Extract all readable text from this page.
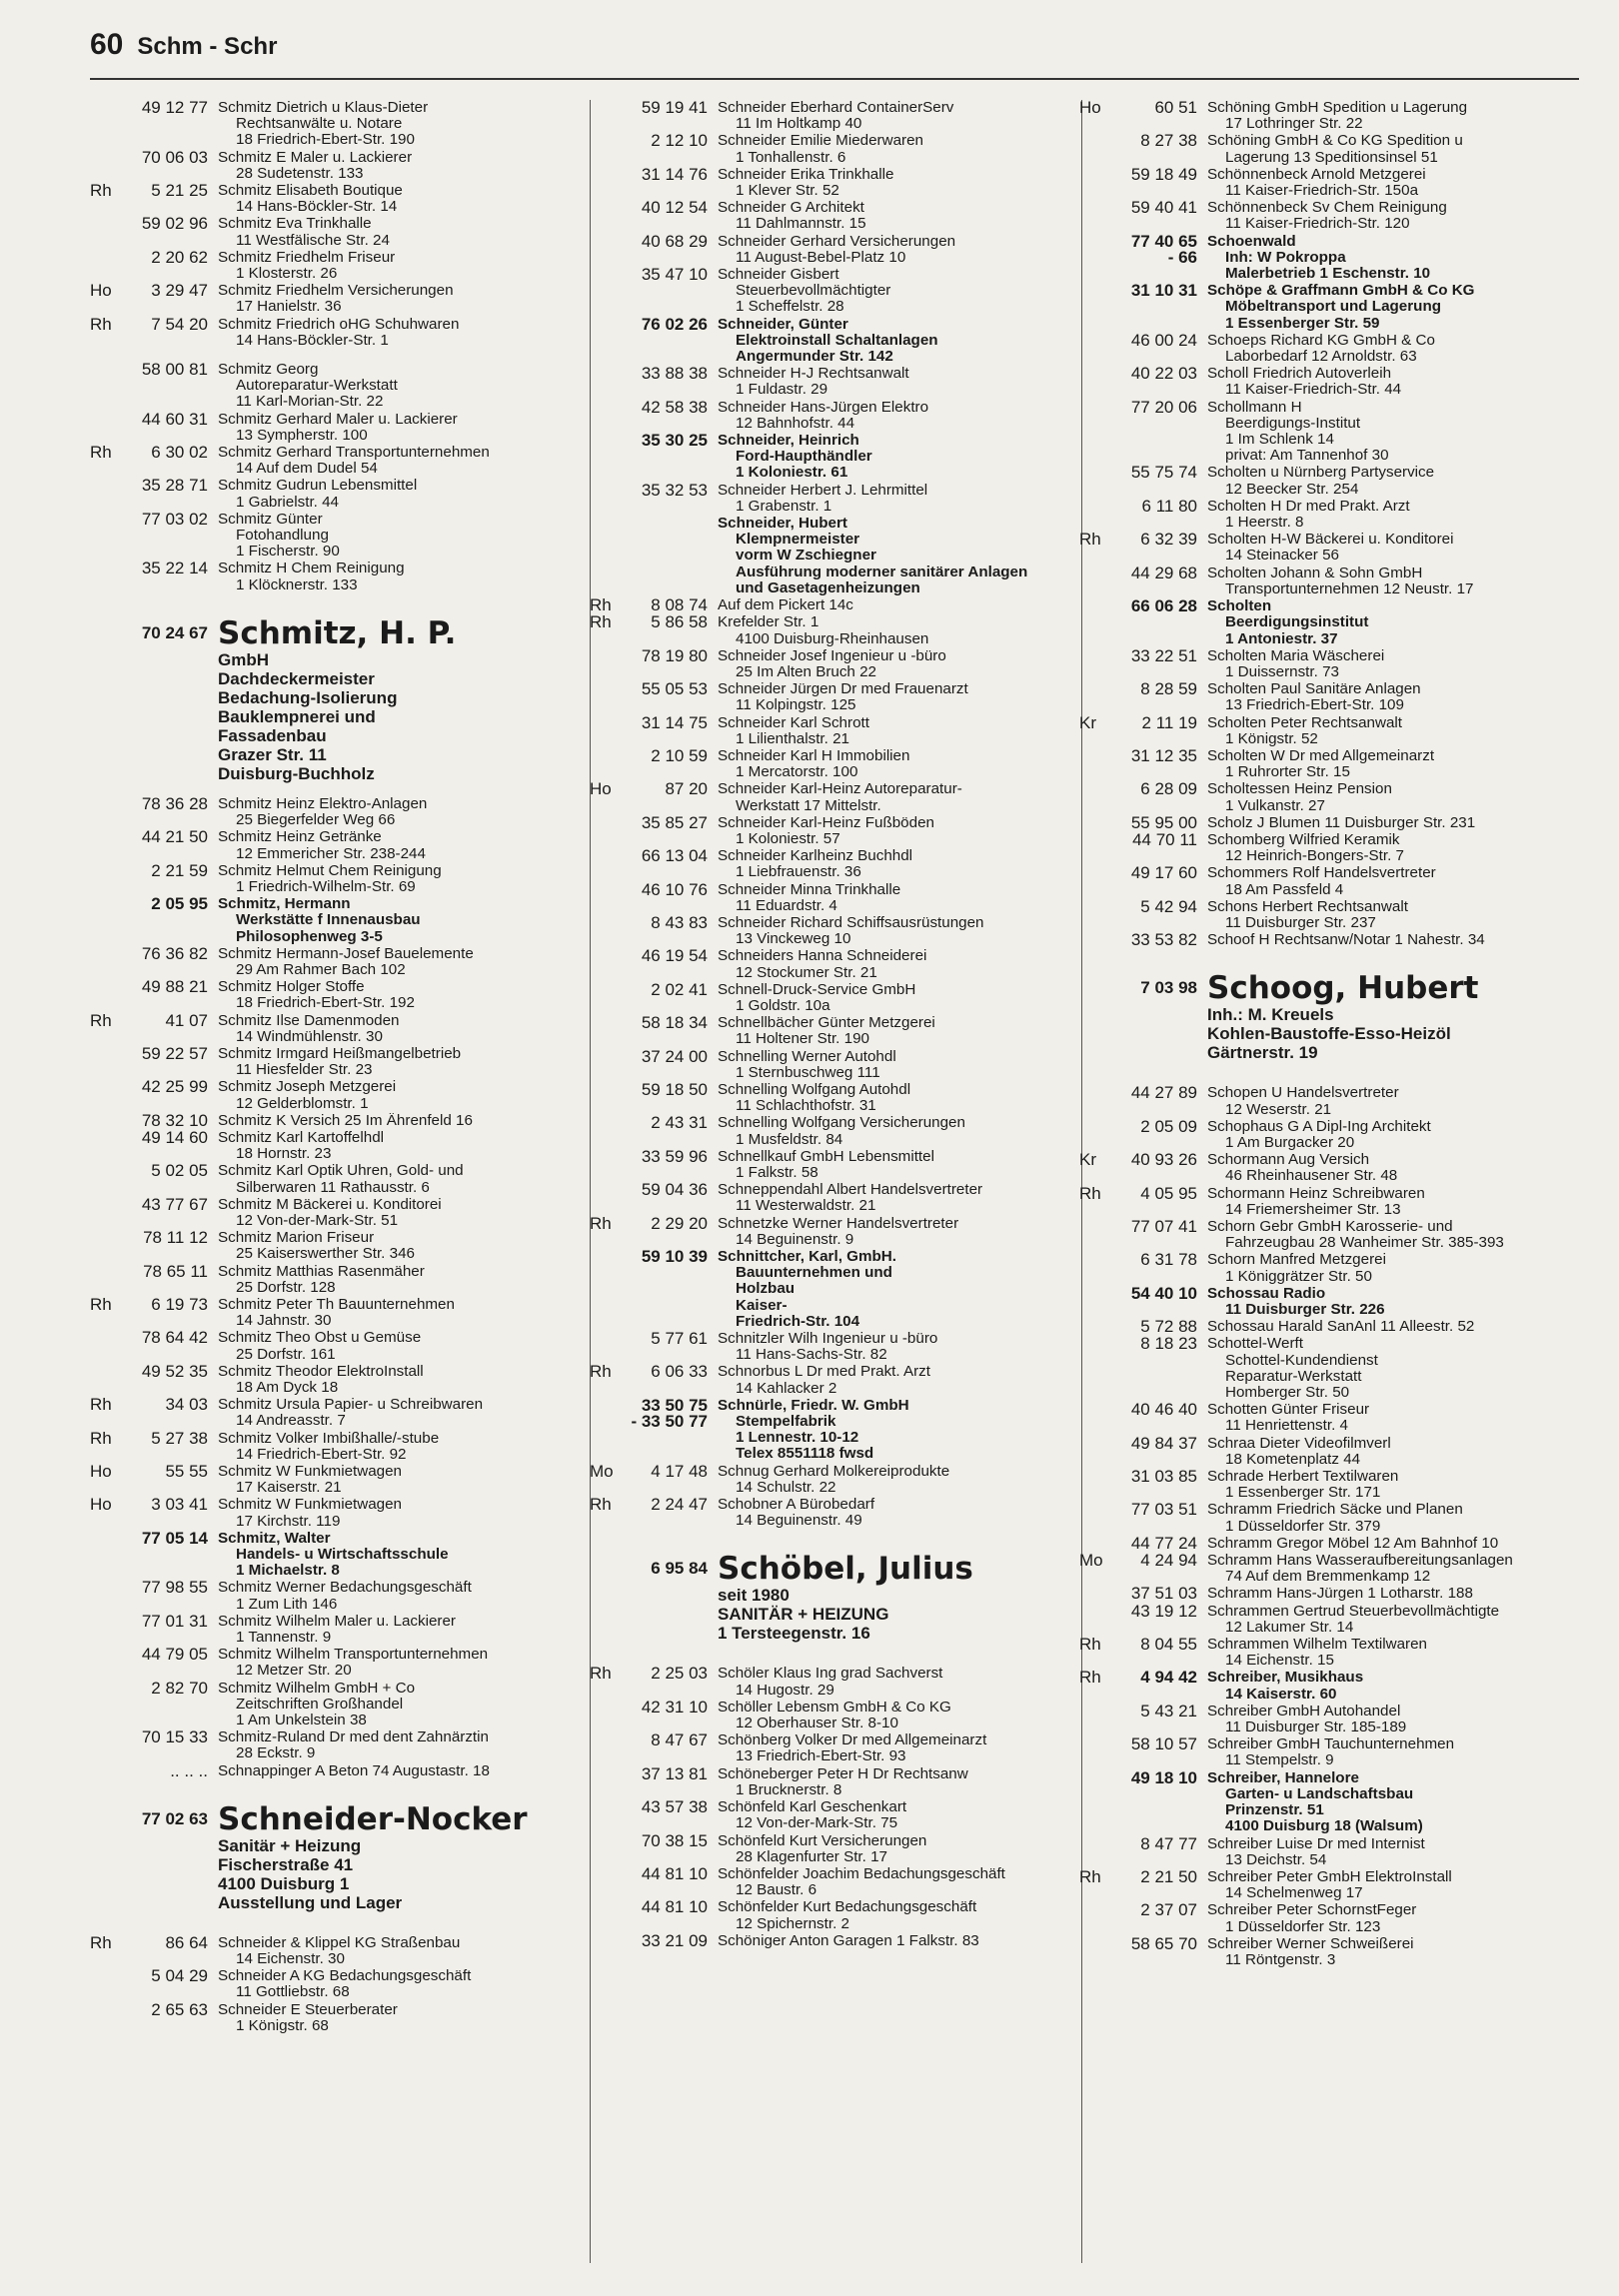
60 Schm - Schr
49 12 77 Schmitz Dietrich u Klaus-Dieter
Rechtsanwälte u. Notare
18 Friedrich-Ebert-Str. 190
70 06 03 Schmitz E Maler u. Lackierer
28 Sudetenstr. 133
Rh	5 21 25 Schmitz Elisabeth Boutique
14 Hans-Böckler-Str. 14
59 02 96 Schmitz Eva Trinkhalle
11 Westfälische Str. 24
2 20 62 Schmitz Friedhelm Friseur
1 Klosterstr. 26
Ho	3 29 47 Schmitz Friedhelm Versicherungen
17 Hanielstr. 36
Rh	7 54 20 Schmitz Friedrich oHG Schuhwaren
14 Hans-Böckler-Str. 1
58 00 81 Schmitz Georg
Autoreparatur-Werkstatt
11 Karl-Morian-Str. 22
44 60 31 Schmitz Gerhard Maler u. Lackierer
13 Sympherstr. 100
Rh	6 30 02 Schmitz Gerhard Transportunternehmen
14 Auf dem Dudel 54
35 28 71 Schmitz Gudrun Lebensmittel
1 Gabrielstr. 44
77 03 02 Schmitz Günter
Fotohandlung
1 Fischerstr. 90
35 22 14 Schmitz H Chem Reinigung
1 Klöcknerstr. 133
70 24 67 Schmitz, H. P.
GmbH
Dachdeckermeister
Bedachung-Isolierung
Bauklempnerei und
Fassadenbau
Grazer Str. 11
Duisburg-Buchholz
78 36 28 Schmitz Heinz Elektro-Anlagen
25 Biegerfelder Weg 66
44 21 50 Schmitz Heinz Getränke
12 Emmericher Str. 238-244
2 21 59 Schmitz Helmut Chem Reinigung
1 Friedrich-Wilhelm-Str. 69
2 05 95 Schmitz, Hermann
Werkstätte f Innenausbau
Philosophenweg 3-5
76 36 82 Schmitz Hermann-Josef Bauelemente
29 Am Rahmer Bach 102
49 88 21 Schmitz Holger Stoffe
18 Friedrich-Ebert-Str. 192
Rh	41 07 Schmitz Ilse Damenmoden
14 Windmühlenstr. 30
59 22 57 Schmitz Irmgard Heißmangelbetrieb
11 Hiesfelder Str. 23
42 25 99 Schmitz Joseph Metzgerei
12 Gelderblomstr. 1
78 32 10 Schmitz K Versich 25 Im Ährenfeld 16
49 14 60 Schmitz Karl Kartoffelhdl
18 Hornstr. 23
5 02 05 Schmitz Karl Optik Uhren, Gold- und
Silberwaren 11 Rathausstr. 6
43 77 67 Schmitz M Bäckerei u. Konditorei
12 Von-der-Mark-Str. 51
78 11 12 Schmitz Marion Friseur
25 Kaiserswerther Str. 346
78 65 11 Schmitz Matthias Rasenmäher
25 Dorfstr. 128
Rh	6 19 73 Schmitz Peter Th Bauunternehmen
14 Jahnstr. 30
78 64 42 Schmitz Theo Obst u Gemüse
25 Dorfstr. 161
49 52 35 Schmitz Theodor ElektroInstall
18 Am Dyck 18
Rh	34 03 Schmitz Ursula Papier- u Schreibwaren
14 Andreasstr. 7
Rh	5 27 38 Schmitz Volker Imbißhalle/-stube
14 Friedrich-Ebert-Str. 92
Ho	55 55 Schmitz W Funkmietwagen
17 Kaiserstr. 21
Ho	3 03 41 Schmitz W Funkmietwagen
17 Kirchstr. 119
77 05 14 Schmitz, Walter
Handels- u Wirtschaftsschule
1 Michaelstr. 8
77 98 55 Schmitz Werner Bedachungsgeschäft
1 Zum Lith 146
77 01 31 Schmitz Wilhelm Maler u. Lackierer
1 Tannenstr. 9
44 79 05 Schmitz Wilhelm Transportunternehmen
12 Metzer Str. 20
2 82 70 Schmitz Wilhelm GmbH + Co
Zeitschriften Großhandel
1 Am Unkelstein 38
70 15 33 Schmitz-Ruland Dr med dent Zahnärztin
28 Eckstr. 9
.. .. .. Schnappinger A Beton 74 Augustastr. 18
77 02 63 Schneider-Nocker
Sanitär + Heizung
Fischerstraße 41
4100 Duisburg 1
Ausstellung und Lager
Rh	86 64 Schneider & Klippel KG Straßenbau
14 Eichenstr. 30
5 04 29 Schneider A KG Bedachungsgeschäft
11 Gottliebstr. 68
2 65 63 Schneider E Steuerberater
1 Königstr. 68
59 19 41 Schneider Eberhard ContainerServ
11 Im Holtkamp 40
2 12 10 Schneider Emilie Miederwaren
1 Tonhallenstr. 6
31 14 76 Schneider Erika Trinkhalle
1 Klever Str. 52
40 12 54 Schneider G Architekt
11 Dahlmannstr. 15
40 68 29 Schneider Gerhard Versicherungen
11 August-Bebel-Platz 10
35 47 10 Schneider Gisbert
Steuerbevollmächtigter
1 Scheffelstr. 28
76 02 26 Schneider, Günter
Elektroinstall Schaltanlagen
Angermunder Str. 142
33 88 38 Schneider H-J Rechtsanwalt
1 Fuldastr. 29
42 58 38 Schneider Hans-Jürgen Elektro
12 Bahnhofstr. 44
35 30 25 Schneider, Heinrich
Ford-Haupthändler
1 Koloniestr. 61
35 32 53 Schneider Herbert J. Lehrmittel
1 Grabenstr. 1
Schneider, Hubert
Klempnermeister
vorm W Zschiegner
Ausführung moderner sanitärer Anlagen
und Gasetagenheizungen
Rh	8 08 74 Auf dem Pickert 14c
Rh	5 86 58 Krefelder Str. 1
4100 Duisburg-Rheinhausen
78 19 80 Schneider Josef Ingenieur u -büro
25 Im Alten Bruch 22
55 05 53 Schneider Jürgen Dr med Frauenarzt
11 Kolpingstr. 125
31 14 75 Schneider Karl Schrott
1 Lilienthalstr. 21
2 10 59 Schneider Karl H Immobilien
1 Mercatorstr. 100
Ho	87 20 Schneider Karl-Heinz Autoreparatur-
Werkstatt 17 Mittelstr.
35 85 27 Schneider Karl-Heinz Fußböden
1 Koloniestr. 57
66 13 04 Schneider Karlheinz Buchhdl
1 Liebfrauenstr. 36
46 10 76 Schneider Minna Trinkhalle
11 Eduardstr. 4
8 43 83 Schneider Richard Schiffsausrüstungen
13 Vinckeweg 10
46 19 54 Schneiders Hanna Schneiderei
12 Stockumer Str. 21
2 02 41 Schnell-Druck-Service GmbH
1 Goldstr. 10a
58 18 34 Schnellbächer Günter Metzgerei
11 Holtener Str. 190
37 24 00 Schnelling Werner Autohdl
1 Sternbuschweg 111
59 18 50 Schnelling Wolfgang Autohdl
11 Schlachthofstr. 31
2 43 31 Schnelling Wolfgang Versicherungen
1 Musfeldstr. 84
33 59 96 Schnellkauf GmbH Lebensmittel
1 Falkstr. 58
59 04 36 Schneppendahl Albert Handelsvertreter
11 Westerwaldstr. 21
Rh	2 29 20 Schnetzke Werner Handelsvertreter
14 Beguinenstr. 9
59 10 39 Schnittcher, Karl, GmbH.
Bauunternehmen und
Holzbau
Kaiser-
Friedrich-Str. 104
5 77 61 Schnitzler Wilh Ingenieur u -büro
11 Hans-Sachs-Str. 82
Rh	6 06 33 Schnorbus L Dr med Prakt. Arzt
14 Kahlacker 2
33 50 75
- 33 50 77
Schnürle, Friedr. W. GmbH
Stempelfabrik
1 Lennestr. 10-12
Telex 8551118 fwsd
Mo	4 17 48 Schnug Gerhard Molkereiprodukte
14 Schulstr. 22
Rh	2 24 47 Schobner A Bürobedarf
14 Beguinenstr. 49
6 95 84 Schöbel, Julius
seit 1980
SANITÄR + HEIZUNG
1 Tersteegenstr. 16
Rh	2 25 03 Schöler Klaus Ing grad Sachverst
14 Hugostr. 29
42 31 10 Schöller Lebensm GmbH & Co KG
12 Oberhauser Str. 8-10
8 47 67 Schönberg Volker Dr med Allgemeinarzt
13 Friedrich-Ebert-Str. 93
37 13 81 Schöneberger Peter H Dr Rechtsanw
1 Brucknerstr. 8
43 57 38 Schönfeld Karl Geschenkart
12 Von-der-Mark-Str. 75
70 38 15 Schönfeld Kurt Versicherungen
28 Klagenfurter Str. 17
44 81 10 Schönfelder Joachim Bedachungsgeschäft
12 Baustr. 6
44 81 10 Schönfelder Kurt Bedachungsgeschäft
12 Spichernstr. 2
33 21 09 Schöniger Anton Garagen 1 Falkstr. 83
Ho	60 51 Schöning GmbH Spedition u Lagerung
17 Lothringer Str. 22
8 27 38 Schöning GmbH & Co KG Spedition u
Lagerung 13 Speditionsinsel 51
59 18 49 Schönnenbeck Arnold Metzgerei
11 Kaiser-Friedrich-Str. 150a
59 40 41 Schönnenbeck Sv Chem Reinigung
11 Kaiser-Friedrich-Str. 120
77 40 65
- 66
Schoenwald
Inh: W Pokroppa
Malerbetrieb 1 Eschenstr. 10
31 10 31 Schöpe & Graffmann GmbH & Co KG
Möbeltransport und Lagerung
1 Essenberger Str. 59
46 00 24 Schoeps Richard KG GmbH & Co
Laborbedarf 12 Arnoldstr. 63
40 22 03 Scholl Friedrich Autoverleih
11 Kaiser-Friedrich-Str. 44
77 20 06 Schollmann H
Beerdigungs-Institut
1 Im Schlenk 14
privat: Am Tannenhof 30
55 75 74 Scholten u Nürnberg Partyservice
12 Beecker Str. 254
6 11 80 Scholten H Dr med Prakt. Arzt
1 Heerstr. 8
Rh	6 32 39 Scholten H-W Bäckerei u. Konditorei
14 Steinacker 56
44 29 68 Scholten Johann & Sohn GmbH
Transportunternehmen 12 Neustr. 17
66 06 28 Scholten
Beerdigungsinstitut
1 Antoniestr. 37
33 22 51 Scholten Maria Wäscherei
1 Duissernstr. 73
8 28 59 Scholten Paul Sanitäre Anlagen
13 Friedrich-Ebert-Str. 109
Kr	2 11 19 Scholten Peter Rechtsanwalt
1 Königstr. 52
31 12 35 Scholten W Dr med Allgemeinarzt
1 Ruhrorter Str. 15
6 28 09 Scholtessen Heinz Pension
1 Vulkanstr. 27
55 95 00 Scholz J Blumen 11 Duisburger Str. 231
44 70 11 Schomberg Wilfried Keramik
12 Heinrich-Bongers-Str. 7
49 17 60 Schommers Rolf Handelsvertreter
18 Am Passfeld 4
5 42 94 Schons Herbert Rechtsanwalt
11 Duisburger Str. 237
33 53 82 Schoof H Rechtsanw/Notar 1 Nahestr. 34
7 03 98 Schoog, Hubert
Inh.: M. Kreuels
Kohlen-Baustoffe-Esso-Heizöl
Gärtnerstr. 19
44 27 89 Schopen U Handelsvertreter
12 Weserstr. 21
2 05 09 Schophaus G A Dipl-Ing Architekt
1 Am Burgacker 20
Kr	40 93 26 Schormann Aug Versich
46 Rheinhausener Str. 48
Rh	4 05 95 Schormann Heinz Schreibwaren
14 Friemersheimer Str. 13
77 07 41 Schorn Gebr GmbH Karosserie- und
Fahrzeugbau 28 Wanheimer Str. 385-393
6 31 78 Schorn Manfred Metzgerei
1 Königgrätzer Str. 50
54 40 10 Schossau Radio
11 Duisburger Str. 226
5 72 88 Schossau Harald SanAnl 11 Alleestr. 52
8 18 23 Schottel-Werft
Schottel-Kundendienst
Reparatur-Werkstatt
Homberger Str. 50
40 46 40 Schotten Günter Friseur
11 Henriettenstr. 4
49 84 37 Schraa Dieter Videofilmverl
18 Kometenplatz 44
31 03 85 Schrade Herbert Textilwaren
1 Essenberger Str. 171
77 03 51 Schramm Friedrich Säcke und Planen
1 Düsseldorfer Str. 379
44 77 24 Schramm Gregor Möbel 12 Am Bahnhof 10
Mo	4 24 94 Schramm Hans Wasseraufbereitungsanlagen
74 Auf dem Bremmenkamp 12
37 51 03 Schramm Hans-Jürgen 1 Lotharstr. 188
43 19 12 Schrammen Gertrud Steuerbevollmächtigte
12 Lakumer Str. 14
Rh	8 04 55 Schrammen Wilhelm Textilwaren
14 Eichenstr. 15
Rh	4 94 42 Schreiber, Musikhaus
14 Kaiserstr. 60
5 43 21 Schreiber GmbH Autohandel
11 Duisburger Str. 185-189
58 10 57 Schreiber GmbH Tauchunternehmen
11 Stempelstr. 9
49 18 10 Schreiber, Hannelore
Garten- u Landschaftsbau
Prinzenstr. 51
4100 Duisburg 18 (Walsum)
8 47 77 Schreiber Luise Dr med Internist
13 Deichstr. 54
Rh	2 21 50 Schreiber Peter GmbH ElektroInstall
14 Schelmenweg 17
2 37 07 Schreiber Peter SchornstFeger
1 Düsseldorfer Str. 123
58 65 70 Schreiber Werner Schweißerei
11 Röntgenstr. 3
